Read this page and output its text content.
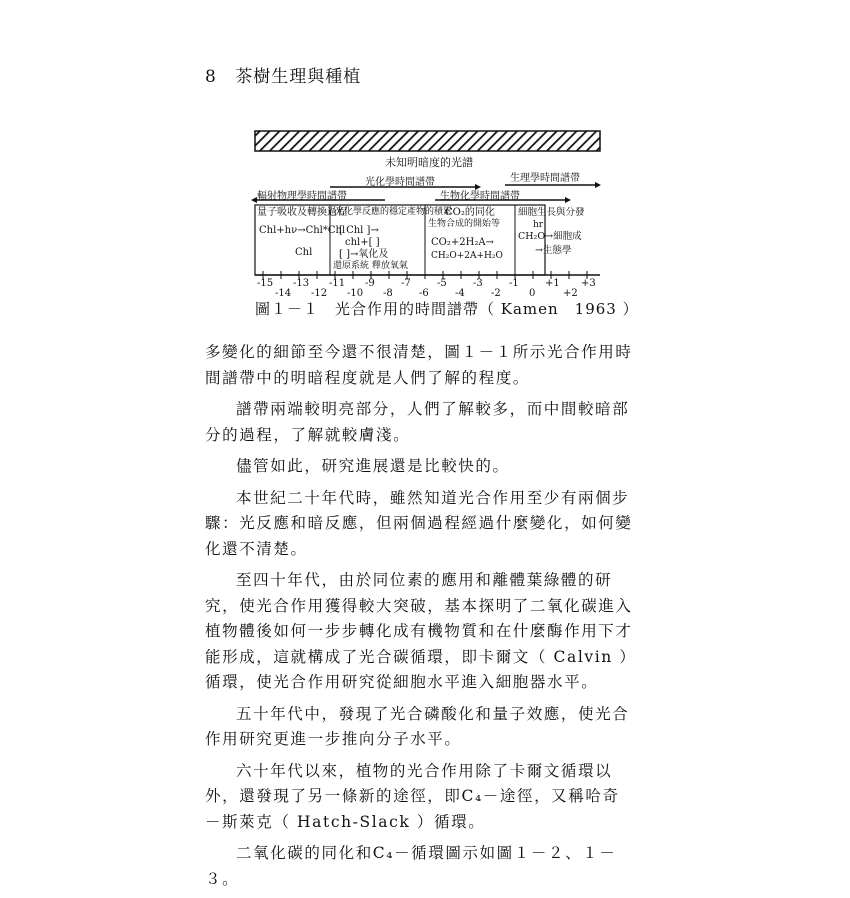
8 茶樹生理與種植
未知明暗度的光譜
輻射物理學時間譜帶
光化學時間譜帶
生物化學時間譜帶
生理學時間譜帶
量子吸收及轉換過程
Chl+hν→Chl*Chl
Chl
光化學反應的穩定產物的積累
[ Chl ]→
chl+[ ]
[ ]→氧化及
還原系統 釋放氧氣
CO₂的同化
生物合成的開始等
CO₂+2H₂A→
CH₂O+2A+H₂O
細胞生長與分發
hr
CH₂O→細胞成
→生態學
-15 -13 -11 -9	-7	-5	-3	-1	+1 +3
-14 -12 -10 -8	-6	-4	-2	0	+2
圖１－１　光合作用的時間譜帶（ Kamen　1963 ）

多變化的細節至今還不很清楚，圖１－１所示光合作用時間譜帶中的明暗程度就是人們了解的程度。

譜帶兩端較明亮部分，人們了解較多，而中間較暗部分的過程，了解就較膚淺。

儘管如此，研究進展還是比較快的。

本世紀二十年代時，雖然知道光合作用至少有兩個步驟：光反應和暗反應，但兩個過程經過什麼變化，如何變化還不清楚。

至四十年代，由於同位素的應用和離體葉綠體的研究，使光合作用獲得較大突破，基本探明了二氧化碳進入植物體後如何一步步轉化成有機物質和在什麼酶作用下才能形成，這就構成了光合碳循環，即卡爾文（ Calvin ）循環，使光合作用研究從細胞水平進入細胞器水平。

五十年代中，發現了光合磷酸化和量子效應，使光合作用研究更進一步推向分子水平。

六十年代以來，植物的光合作用除了卡爾文循環以外，還發現了另一條新的途徑，即C₄－途徑，又稱哈奇－斯萊克（ Hatch-Slack ）循環。

二氧化碳的同化和C₄－循環圖示如圖１－２、１－３。
